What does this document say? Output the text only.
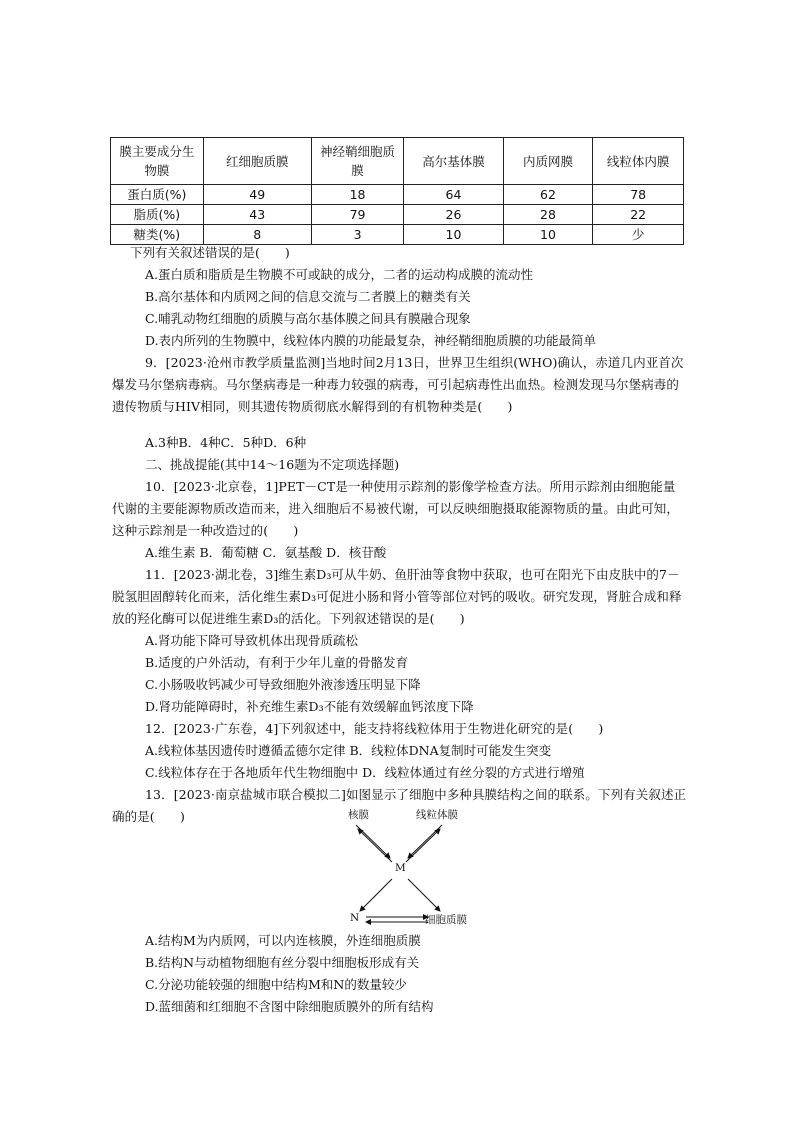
膜主要成分生物膜	红细胞质膜	神经鞘细胞质膜	高尔基体膜	内质网膜	线粒体内膜
蛋白质(%)	49	18	64	62	78
脂质(%)	43	79	26	28	22
糖类(%)	8	3	10	10	少
下列有关叙述错误的是(　　)
A.蛋白质和脂质是生物膜不可或缺的成分，二者的运动构成膜的流动性
B.高尔基体和内质网之间的信息交流与二者膜上的糖类有关
C.哺乳动物红细胞的质膜与高尔基体膜之间具有膜融合现象
D.表内所列的生物膜中，线粒体内膜的功能最复杂，神经鞘细胞质膜的功能最简单
9．[2023·沧州市教学质量监测]当地时间2月13日，世界卫生组织(WHO)确认，赤道几内亚首次爆发马尔堡病毒病。马尔堡病毒是一种毒力较强的病毒，可引起病毒性出血热。检测发现马尔堡病毒的遗传物质与HIV相同，则其遗传物质彻底水解得到的有机物种类是(　　)
A.3种B．4种C．5种D．6种
二、挑战提能(其中14～16题为不定项选择题)
10．[2023·北京卷，1]PET－CT是一种使用示踪剂的影像学检查方法。所用示踪剂由细胞能量代谢的主要能源物质改造而来，进入细胞后不易被代谢，可以反映细胞摄取能源物质的量。由此可知，这种示踪剂是一种改造过的(　　)
A.维生素 B．葡萄糖 C．氨基酸 D．核苷酸
11．[2023·湖北卷，3]维生素D₃可从牛奶、鱼肝油等食物中获取，也可在阳光下由皮肤中的7－脱氢胆固醇转化而来，活化维生素D₃可促进小肠和肾小管等部位对钙的吸收。研究发现，肾脏合成和释放的羟化酶可以促进维生素D₃的活化。下列叙述错误的是(　　)
A.肾功能下降可导致机体出现骨质疏松
B.适度的户外活动，有利于少年儿童的骨骼发育
C.小肠吸收钙减少可导致细胞外液渗透压明显下降
D.肾功能障碍时，补充维生素D₃不能有效缓解血钙浓度下降
12．[2023·广东卷，4]下列叙述中，能支持将线粒体用于生物进化研究的是(　　)
A.线粒体基因遗传时遵循孟德尔定律 B．线粒体DNA复制时可能发生突变
C.线粒体存在于各地质年代生物细胞中 D．线粒体通过有丝分裂的方式进行增殖
13．[2023·南京盐城市联合模拟二]如图显示了细胞中多种具膜结构之间的联系。下列有关叙述正确的是(　　)	核膜	线粒体膜
M
N	细胞质膜
A.结构M为内质网，可以内连核膜，外连细胞质膜
B.结构N与动植物细胞有丝分裂中细胞板形成有关
C.分泌功能较强的细胞中结构M和N的数量较少
D.蓝细菌和红细胞不含图中除细胞质膜外的所有结构
